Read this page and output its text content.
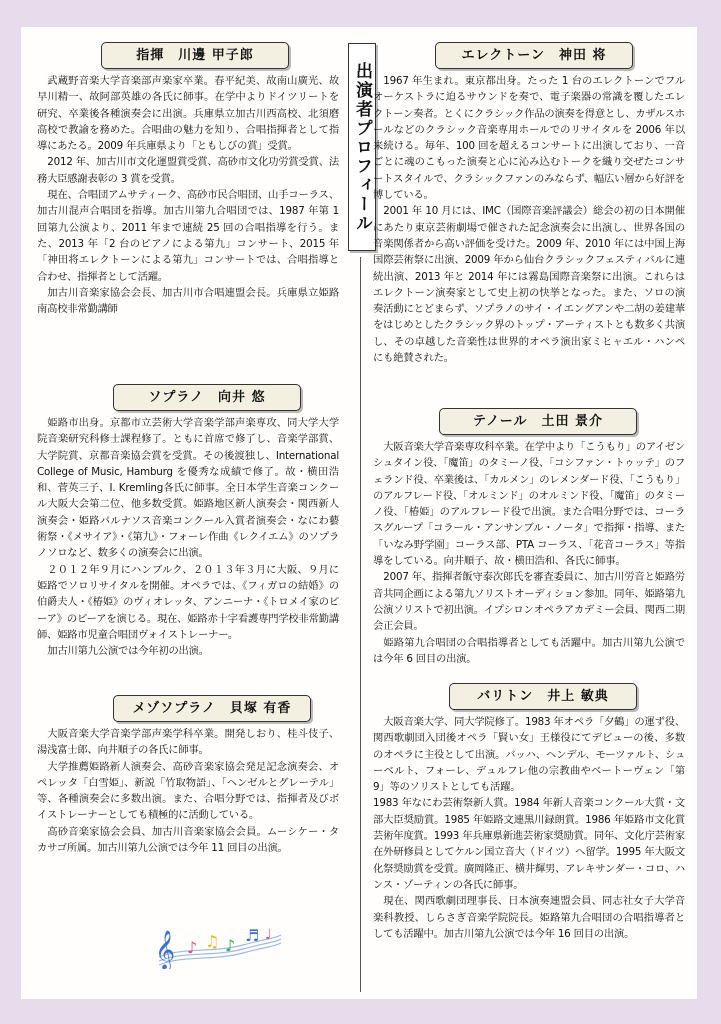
出演者プロフィール
指揮　 川邊 甲子郎

武蔵野音楽大学音楽部声楽家卒業。春平紀美、故南山廣光、故早川精一、故阿部英雄の各氏に師事。在学中よりドイツリートを研究、卒業後各種演奏会に出演。兵庫県立加古川西高校、北須磨高校で教諭を務めた。合唱曲の魅力を知り、合唱指揮者として指導にあたる。2009 年兵庫県より「ともしびの賞」受賞。

2012 年、加古川市文化運盟賞受賞、高砂市文化功労賞受賞、法務大臣感謝表彰の 3 賞を受賞。

現在、合唱団アムサティーク、高砂市民合唱団、山手コーラス、加古川混声合唱団を指導。加古川第九合唱団では、1987 年第 1 回第九公演より、2011 年まで連続 25 回の合唱指導を行う。また、2013 年「2 台のピアノによる第九」コンサート、2015 年「神田将エレクトーンによる第九」コンサートでは、合唱指導と合わせ、指揮者として活躍。

加古川音楽家協会会長、加古川市合唱連盟会長。兵庫県立姫路南高校非常勤講師

ソプラノ　 向井 悠

姫路市出身。京都市立芸術大学音楽学部声楽専攻、同大学大学院音楽研究科修士課程修了。ともに首席で修了し、音楽学部賞、大学院賞、京都音楽協会賞を受賞。その後渡独し、International College of Music, Hamburg を優秀な成績で修了。故・横田浩和、菅英三子、I. Kremling各氏に師事。全日本学生音楽コンクール大阪大会第二位、他多数受賞。姫路地区新人演奏会・関西新人演奏会・姫路パルナソス音楽コンクール入賞者演奏会・なにわ藝術祭・《メサイア》・《第九》・フォーレ作曲《レクイエム》のソプラノソロなど、数多くの演奏会に出演。

２０１２年９月にハンブルク、２０１３年３月に大阪、９月に姫路でソロリサイタルを開催。オペラでは、《フィガロの結婚》の伯爵夫人・《椿姫》のヴィオレッタ、アンニーナ・《トロメイ家のピーア》のピーアを演じる。現在、姫路赤十字看護専門学校非常勤講師、姫路市児童合唱団ヴォイストレーナー。

加古川第九公演では今年初の出演。

メゾソプラノ　 貝塚 有香

大阪音楽大学音楽学部声楽学科卒業。開発しおり、桂斗伎子、湯浅富士郎、向井順子の各氏に師事。

大学推薦姫路新人演奏会、高砂音楽家協会発足記念演奏会、オペレッタ「白雪姫」、新説「竹取物語」、「ヘンゼルとグレーテル」等、各種演奏会に多数出演。また、合唱分野では、指揮者及びボイストレーナーとしても積極的に活動している。

高砂音楽家協会会員、加古川音楽家協会会員。ムーシケー・タカサゴ所属。加古川第九公演では今年 11 回目の出演。

𝄞 ♪ ♫ ♪
♬ ♩
エレクトーン　 神田 将

1967 年生まれ。東京都出身。たった 1 台のエレクトーンでフルオーケストラに迫るサウンドを奏で、電子楽器の常識を覆したエレクトーン奏者。とくにクラシック作品の演奏を得意とし、カザルスホールなどのクラシック音楽専用ホールでのリサイタルを 2006 年以来続ける。毎年、100 回を超えるコンサートに出演しており、一音ごとに魂のこもった演奏と心に沁み込むトークを織り交ぜたコンサートスタイルで、クラシックファンのみならず、幅広い層から好評を博している。

2001 年 10 月には、IMC（国際音楽評議会）総会の初の日本開催にあたり東京芸術劇場で催された記念演奏会に出演し、世界各国の音楽関係者から高い評価を受けた。2009 年、2010 年には中国上海国際芸術祭に出演、2009 年から仙台クラシックフェスティバルに連続出演、2013 年と 2014 年には霧島国際音楽祭に出演。これらはエレクトーン演奏家として史上初の快挙となった。また、ソロの演奏活動にとどまらず、ソプラノのサイ・イエングアンや二胡の姜建華をはじめとしたクラシック界のトップ・アーティストとも数多く共演し、その卓越した音楽性は世界的オペラ演出家ミヒャエル・ハンペにも絶賛された。

テノール　 土田 景介

大阪音楽大学音楽専攻科卒業。在学中より「こうもり」のアイゼンシュタイン役、「魔笛」のタミーノ役、「コシファン・トゥッテ」のフェランド役、卒業後は、「カルメン」のレメンダード役、「こうもり」のアルフレード役、「オルミンド」のオルミンド役、「魔笛」のタミーノ役、「椿姫」のアルフレード役で出演。また合唱分野では、コーラスグループ「コラール・アンサンブル・ノータ」で指揮・指導、また「いなみ野学園」コーラス部、PTA コーラス、「花音コーラス」等指導をしている。向井順子、故・横田浩和、各氏に師事。

2007 年、指揮者飯守泰次郎氏を審査委員に、加古川労音と姫路労音共同企画による第九ソリストオーディション参加。同年、姫路第九公演ソリストで初出演。イプシロンオペラアカデミー会員、関西二期会正会員。

姫路第九合唱団の合唱指導者としても活躍中。加古川第九公演では今年 6 回目の出演。

バリトン　 井上 敏典

大阪音楽大学、同大学院修了。1983 年オペラ「夕鶴」の運ず役、関西歌劇団入団後オペラ「賢い女」王様役にてデビューの後、多数のオペラに主役として出演。バッハ、ヘンデル、モーツァルト、シューベルト、フォーレ、デュルフレ他の宗教曲やベートーヴェン「第 9」等のソリストとしても活躍。

1983 年なにわ芸術祭新人賞。1984 年新人音楽コンクール大賞・文部大臣奨励賞。1985 年姫路文連黒川録朗賞。1986 年姫路市文化賞芸術年度賞。1993 年兵庫県新進芸術家奨励賞。同年、文化庁芸術家在外研修員としてケルン国立音大（ドイツ）へ留学。1995 年大阪文化祭奨励賞を受賞。廣岡隆正、横井輝男、アレキサンダー・コロ、ハンス・ゾーティンの各氏に師事。

現在、関西歌劇団理事長、日本演奏連盟会員、同志社女子大学音楽科教授、しらさぎ音楽学院院長。姫路第九合唱団の合唱指導者としても活躍中。加古川第九公演では今年 16 回目の出演。
